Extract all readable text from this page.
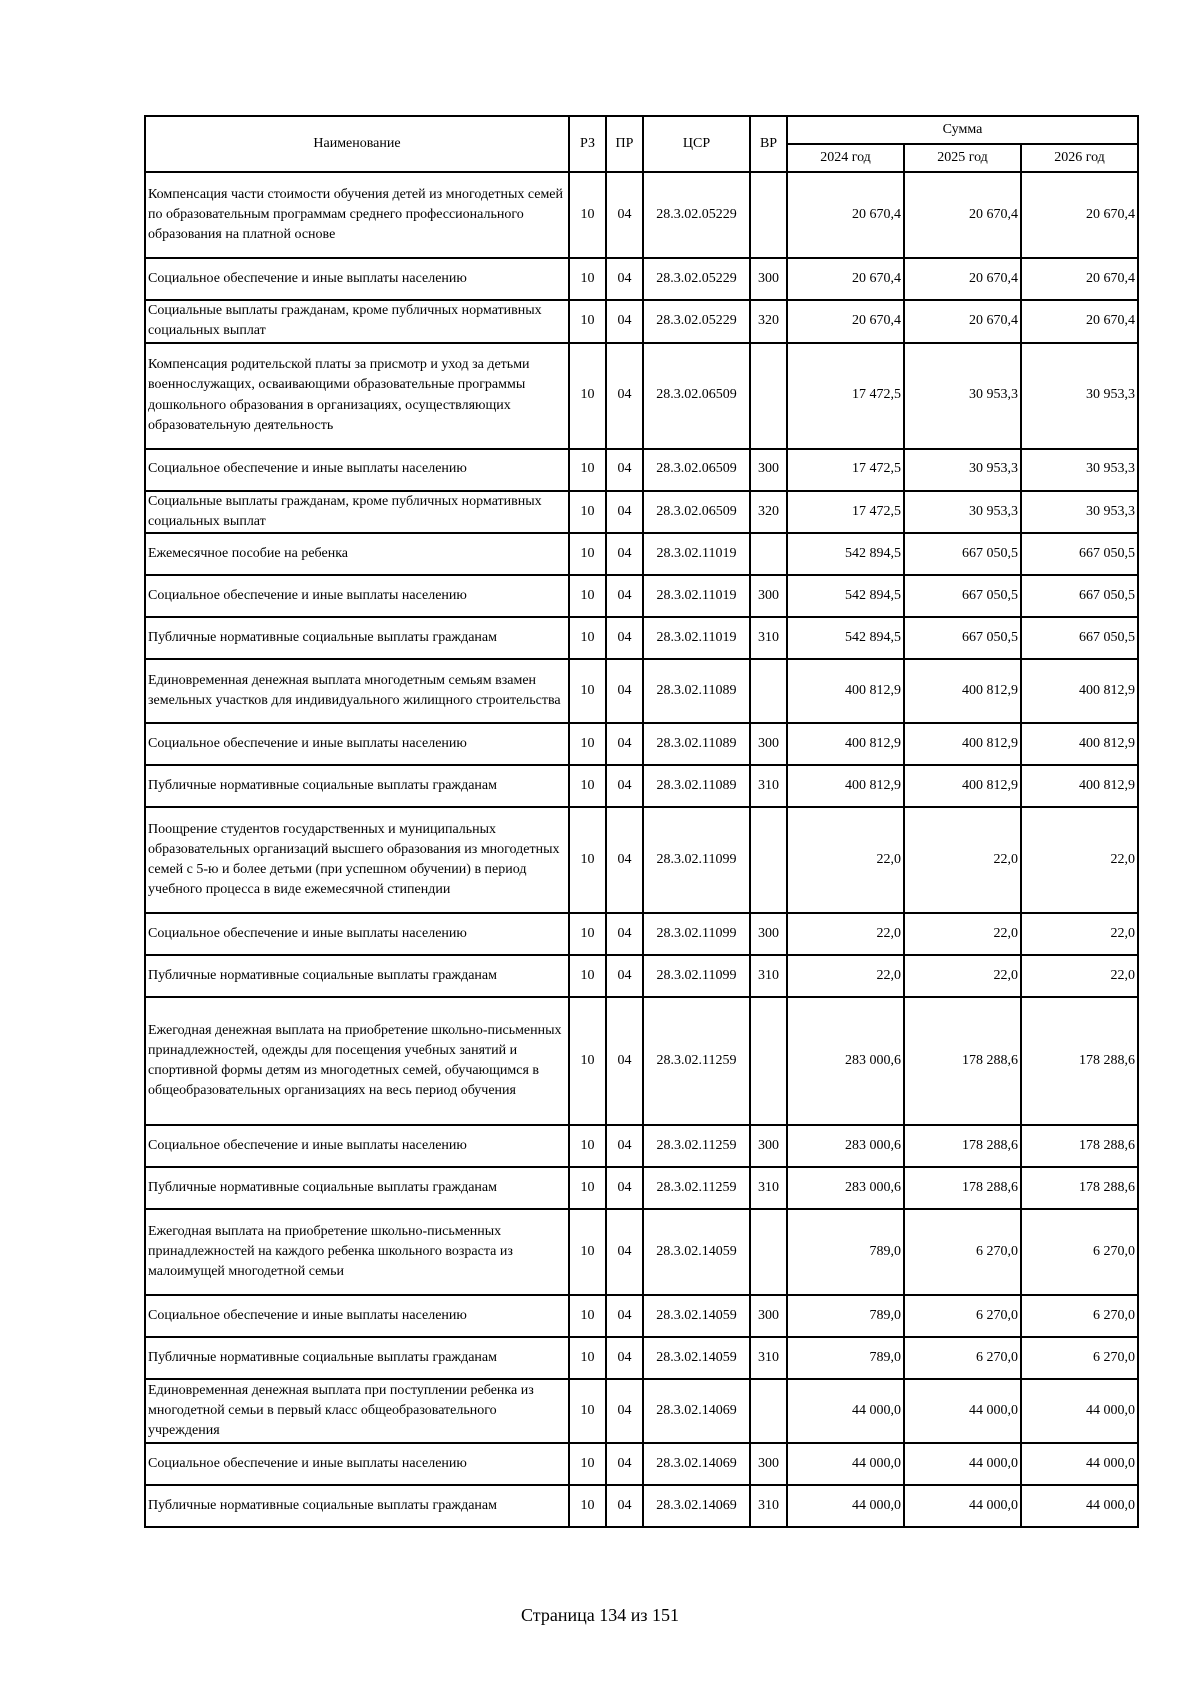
Наименование	РЗ	ПР	ЦСР	ВР	Сумма		
					2024 год	2025 год	2026 год
Компенсация части стоимости обучения детей из многодетных семей по образовательным программам среднего профессионального образования на платной основе	10	04	28.3.02.05229		20 670,4	20 670,4	20 670,4
Социальное обеспечение и иные выплаты населению	10	04	28.3.02.05229	300	20 670,4	20 670,4	20 670,4
Социальные выплаты гражданам, кроме публичных нормативных социальных выплат	10	04	28.3.02.05229	320	20 670,4	20 670,4	20 670,4
Компенсация родительской платы за присмотр и уход за детьми военнослужащих, осваивающими образовательные программы дошкольного образования в организациях, осуществляющих образовательную деятельность	10	04	28.3.02.06509		17 472,5	30 953,3	30 953,3
Социальное обеспечение и иные выплаты населению	10	04	28.3.02.06509	300	17 472,5	30 953,3	30 953,3
Социальные выплаты гражданам, кроме публичных нормативных социальных выплат	10	04	28.3.02.06509	320	17 472,5	30 953,3	30 953,3
Ежемесячное пособие на ребенка	10	04	28.3.02.11019		542 894,5	667 050,5	667 050,5
Социальное обеспечение и иные выплаты населению	10	04	28.3.02.11019	300	542 894,5	667 050,5	667 050,5
Публичные нормативные социальные выплаты гражданам	10	04	28.3.02.11019	310	542 894,5	667 050,5	667 050,5
Единовременная денежная выплата многодетным семьям взамен земельных участков для индивидуального жилищного строительства	10	04	28.3.02.11089		400 812,9	400 812,9	400 812,9
Социальное обеспечение и иные выплаты населению	10	04	28.3.02.11089	300	400 812,9	400 812,9	400 812,9
Публичные нормативные социальные выплаты гражданам	10	04	28.3.02.11089	310	400 812,9	400 812,9	400 812,9
Поощрение студентов государственных и муниципальных образовательных организаций высшего образования из многодетных семей с 5-ю и более детьми (при успешном обучении) в период учебного процесса в виде ежемесячной стипендии	10	04	28.3.02.11099		22,0	22,0	22,0
Социальное обеспечение и иные выплаты населению	10	04	28.3.02.11099	300	22,0	22,0	22,0
Публичные нормативные социальные выплаты гражданам	10	04	28.3.02.11099	310	22,0	22,0	22,0
Ежегодная денежная выплата на приобретение школьно-письменных принадлежностей, одежды для посещения учебных занятий и спортивной формы детям из многодетных семей, обучающимся в общеобразовательных организациях на весь период обучения	10	04	28.3.02.11259		283 000,6	178 288,6	178 288,6
Социальное обеспечение и иные выплаты населению	10	04	28.3.02.11259	300	283 000,6	178 288,6	178 288,6
Публичные нормативные социальные выплаты гражданам	10	04	28.3.02.11259	310	283 000,6	178 288,6	178 288,6
Ежегодная выплата на приобретение школьно-письменных принадлежностей на каждого ребенка школьного возраста из малоимущей многодетной семьи	10	04	28.3.02.14059		789,0	6 270,0	6 270,0
Социальное обеспечение и иные выплаты населению	10	04	28.3.02.14059	300	789,0	6 270,0	6 270,0
Публичные нормативные социальные выплаты гражданам	10	04	28.3.02.14059	310	789,0	6 270,0	6 270,0
Единовременная денежная выплата при поступлении ребенка из многодетной семьи в первый класс общеобразовательного учреждения	10	04	28.3.02.14069		44 000,0	44 000,0	44 000,0
Социальное обеспечение и иные выплаты населению	10	04	28.3.02.14069	300	44 000,0	44 000,0	44 000,0
Публичные нормативные социальные выплаты гражданам	10	04	28.3.02.14069	310	44 000,0	44 000,0	44 000,0
Страница 134 из 151
